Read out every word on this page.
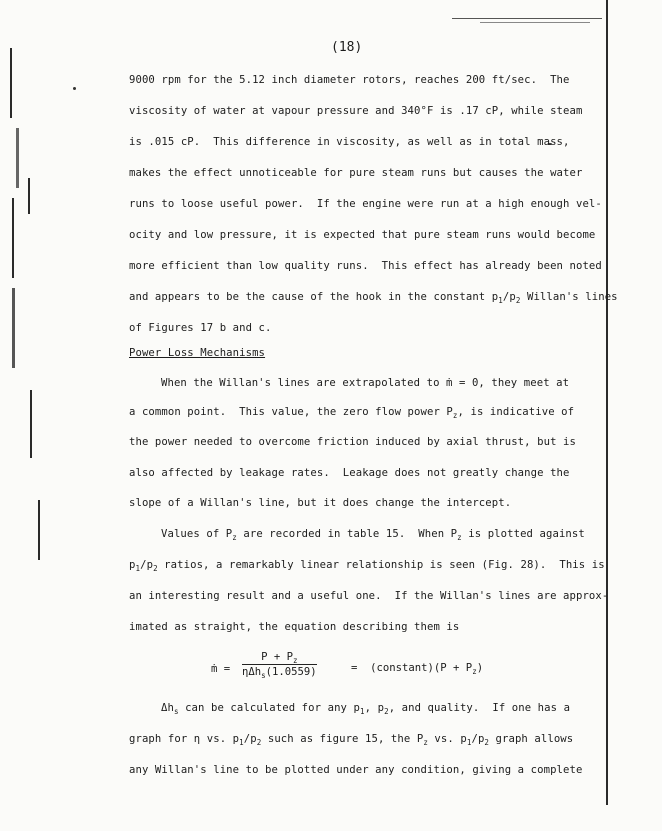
(18)
9000 rpm for the 5.12 inch diameter rotors, reaches 200 ft/sec.  The
viscosity of water at vapour pressure and 340°F is .17 cP, while steam
is .015 cP.  This difference in viscosity, as well as in total mass,
makes the effect unnoticeable for pure steam runs but causes the water
runs to loose useful power.  If the engine were run at a high enough vel-
ocity and low pressure, it is expected that pure steam runs would become
more efficient than low quality runs.  This effect has already been noted
and appears to be the cause of the hook in the constant $p_1/p_2$ Willan's lines
of Figures 17 b and c.
Power Loss Mechanisms
When the Willan's lines are extrapolated to ṁ = 0, they meet at
a common point.  This value, the zero flow power $P_z$, is indicative of
the power needed to overcome friction induced by axial thrust, but is
also affected by leakage rates.  Leakage does not greatly change the
slope of a Willan's line, but it does change the intercept.
Values of $P_z$ are recorded in table 15.  When $P_z$ is plotted against
$p_1/p_2$ ratios, a remarkably linear relationship is seen (Fig. 28).  This is
an interesting result and a useful one.  If the Willan's lines are approx-
imated as straight, the equation describing them is
ṁ =
$P + P_z$
ηΔh$_s$(1.0559)	=  (constant)(P + $P_z$)
$\Delta h_s$ can be calculated for any $p_1$, $p_2$, and quality.  If one has a
graph for η vs. $p_1/p_2$ such as figure 15, the $P_z$ vs. $p_1/p_2$ graph allows
any Willan's line to be plotted under any condition, giving a complete
